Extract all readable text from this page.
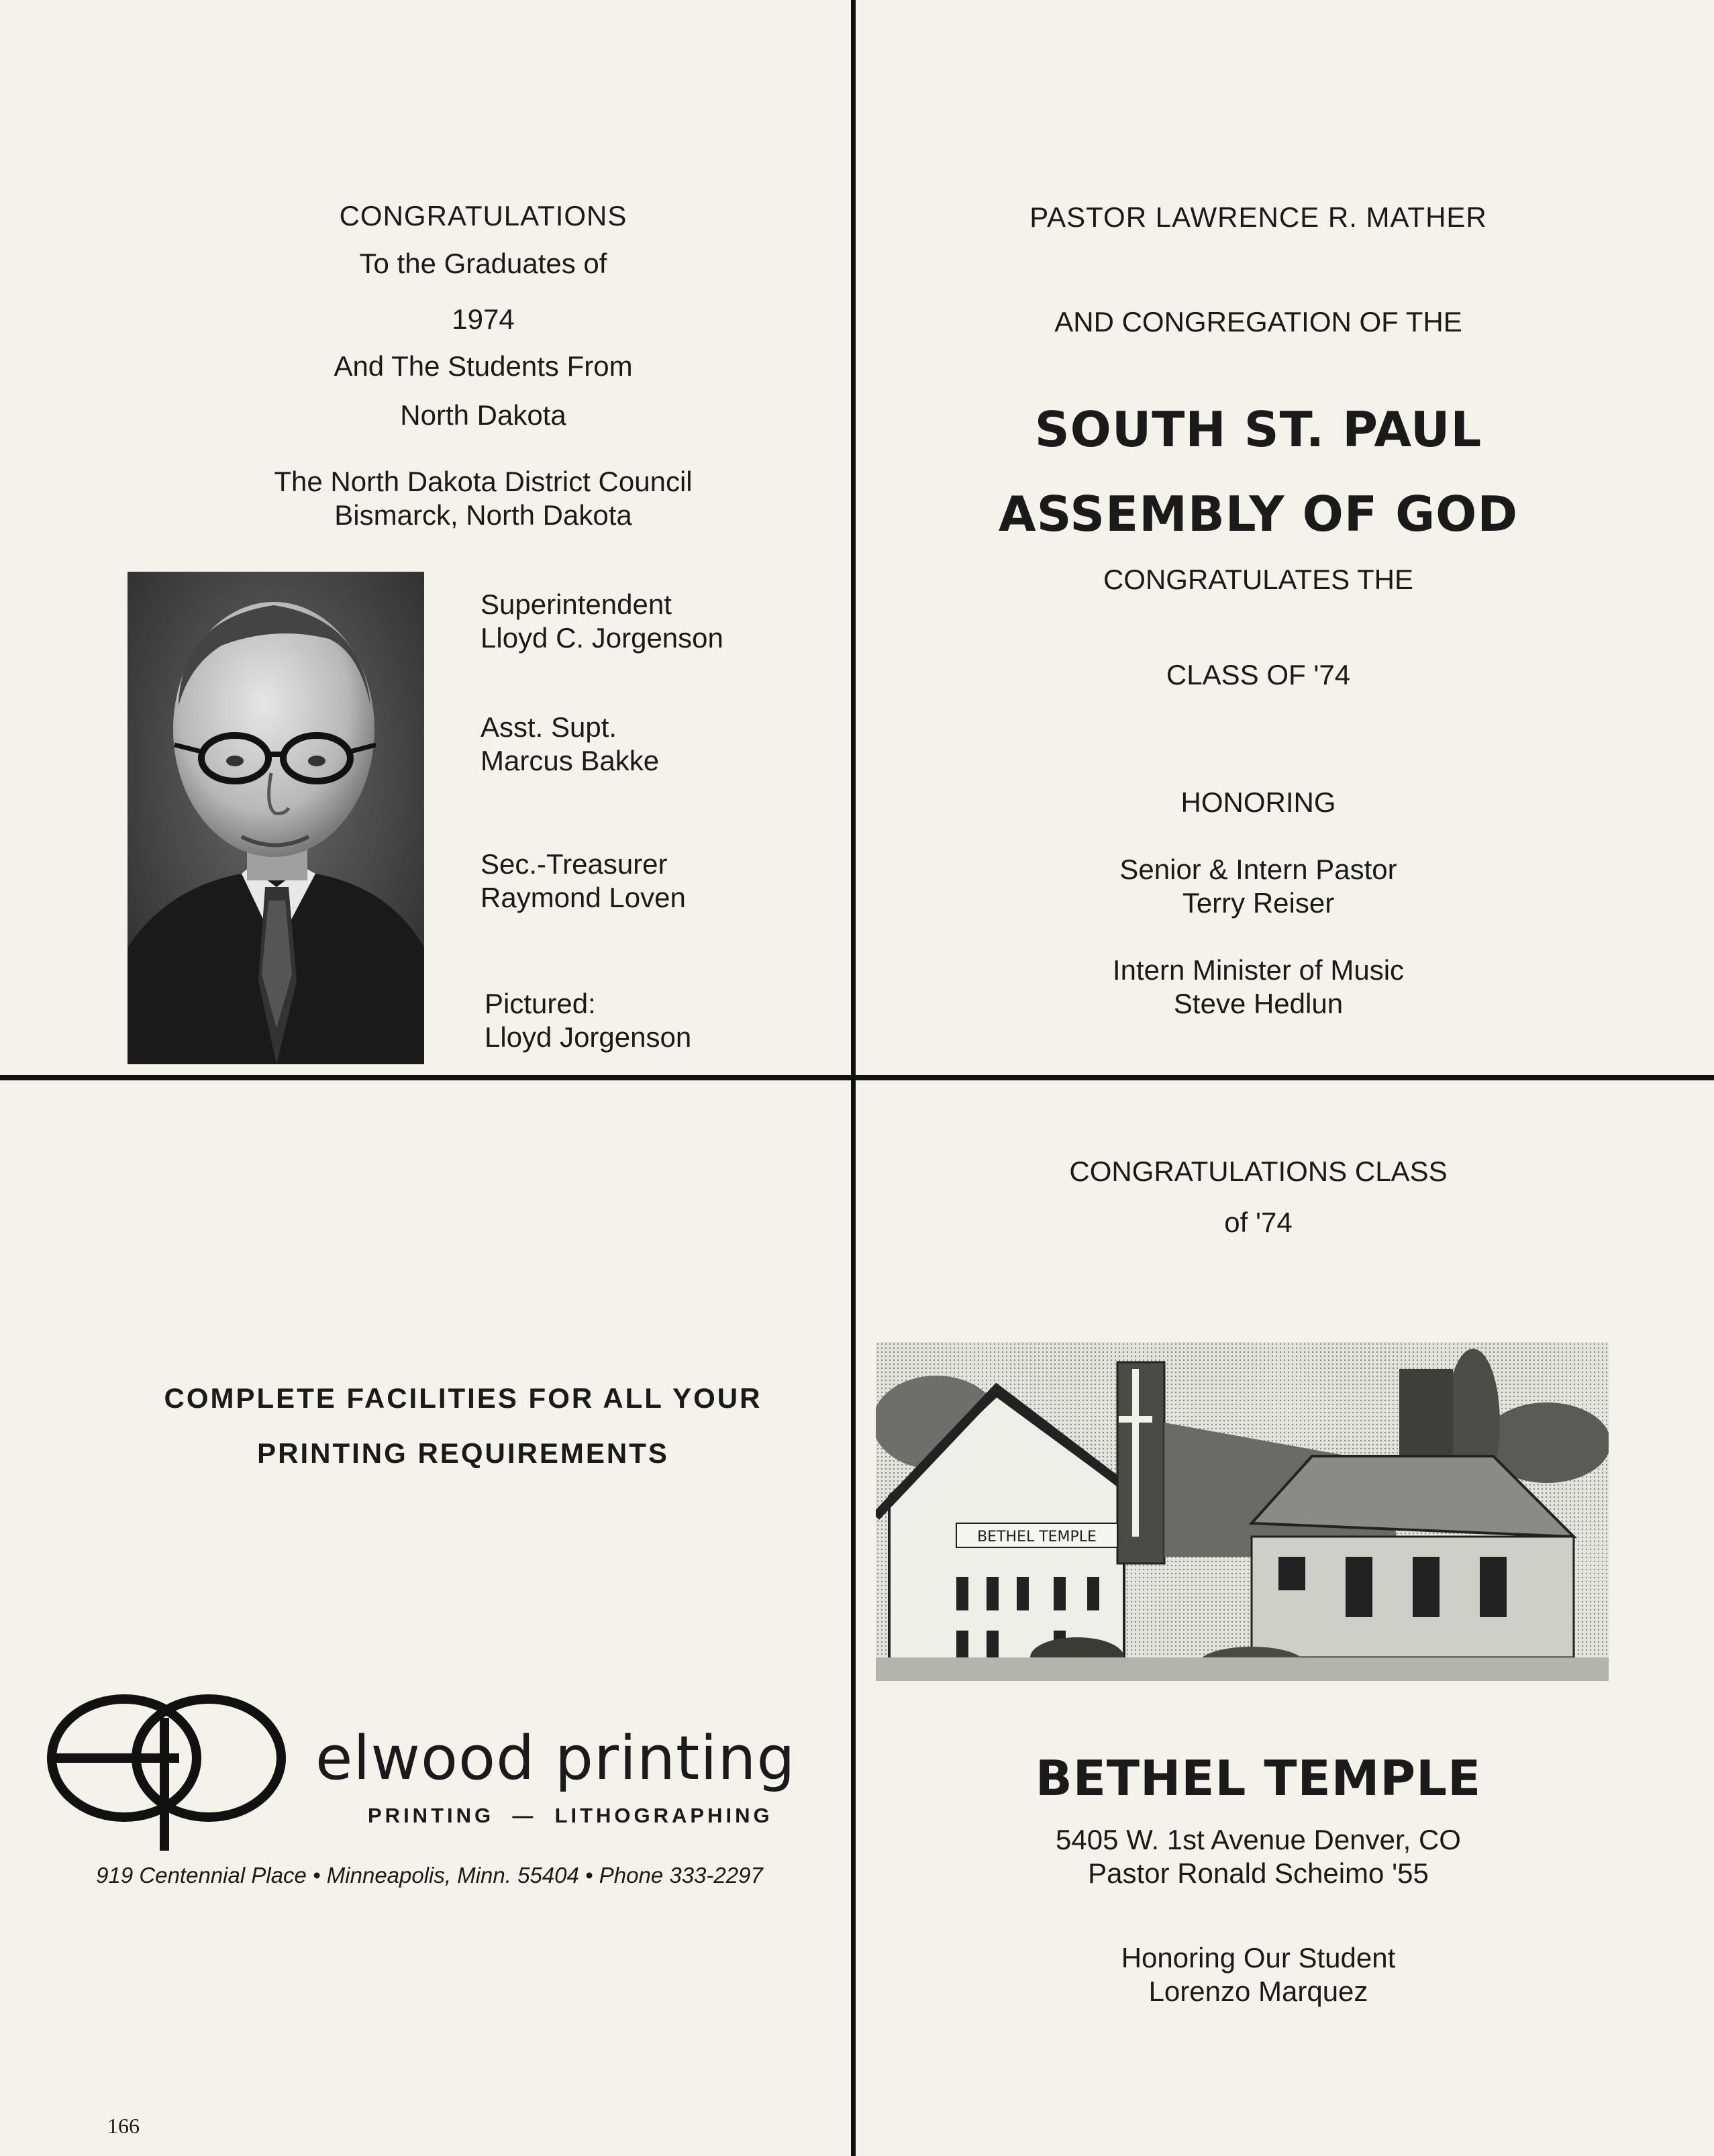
CONGRATULATIONS
To the Graduates of
1974
And The Students From
North Dakota
The North Dakota District Council
Bismarck, North Dakota
Superintendent
Lloyd C. Jorgenson
Asst. Supt.
Marcus Bakke
Sec.-Treasurer
Raymond Loven
Pictured:
Lloyd Jorgenson
PASTOR LAWRENCE R. MATHER
AND CONGREGATION OF THE
SOUTH ST. PAUL
ASSEMBLY OF GOD
CONGRATULATES THE
CLASS OF '74
HONORING
Senior & Intern Pastor
Terry Reiser
Intern Minister of Music
Steve Hedlun
COMPLETE FACILITIES FOR ALL YOUR
PRINTING REQUIREMENTS
elwood printing
PRINTING  —  LITHOGRAPHING
919 Centennial Place • Minneapolis, Minn. 55404 • Phone 333-2297
CONGRATULATIONS CLASS
of '74
BETHEL TEMPLE
BETHEL TEMPLE
5405 W. 1st Avenue Denver, CO
Pastor Ronald Scheimo '55
Honoring Our Student
Lorenzo Marquez
166
